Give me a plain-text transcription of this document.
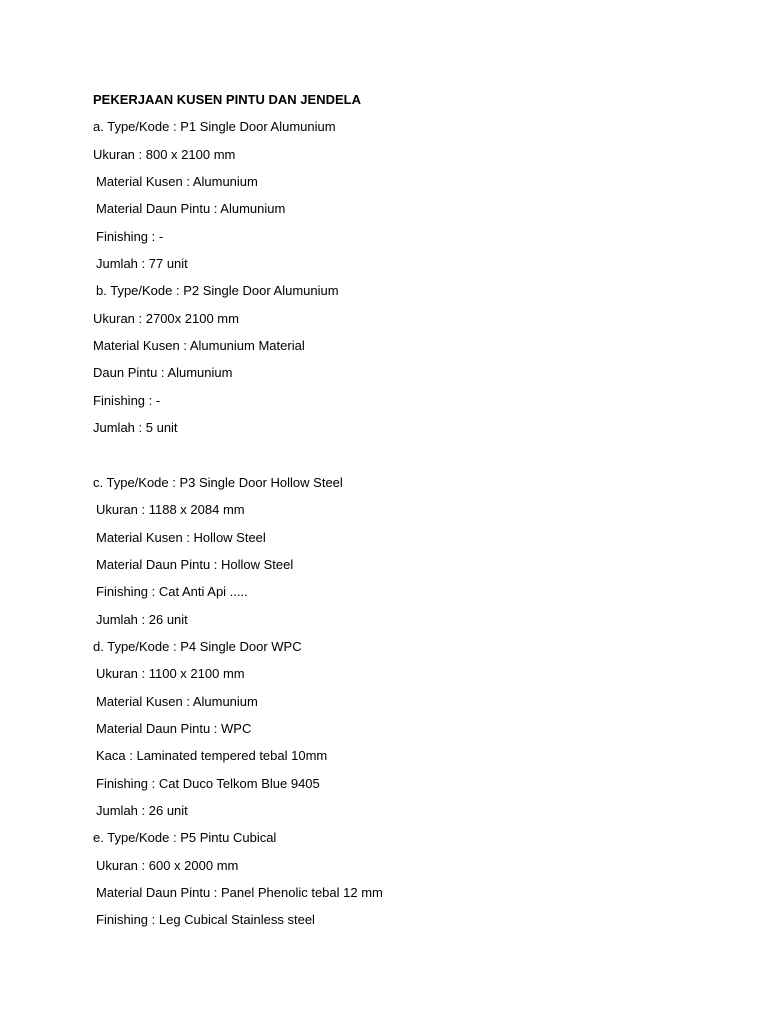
PEKERJAAN KUSEN PINTU DAN JENDELA

a. Type/Kode : P1 Single Door Alumunium

Ukuran : 800 x 2100 mm

Material Kusen : Alumunium

Material Daun Pintu : Alumunium

Finishing : -

Jumlah : 77 unit

b. Type/Kode : P2 Single Door Alumunium

Ukuran : 2700x 2100 mm

Material Kusen : Alumunium Material

Daun Pintu : Alumunium

Finishing : -

Jumlah : 5 unit

c. Type/Kode : P3 Single Door Hollow Steel

Ukuran : 1188 x 2084 mm

Material Kusen : Hollow Steel

Material Daun Pintu : Hollow Steel

Finishing : Cat Anti Api .....

Jumlah : 26 unit

d. Type/Kode : P4 Single Door WPC

Ukuran : 1100 x 2100 mm

Material Kusen : Alumunium

Material Daun Pintu : WPC

Kaca : Laminated tempered tebal 10mm

Finishing : Cat Duco Telkom Blue 9405

Jumlah : 26 unit

e. Type/Kode : P5 Pintu Cubical

Ukuran : 600 x 2000 mm

Material Daun Pintu : Panel Phenolic tebal 12 mm

Finishing : Leg Cubical Stainless steel
